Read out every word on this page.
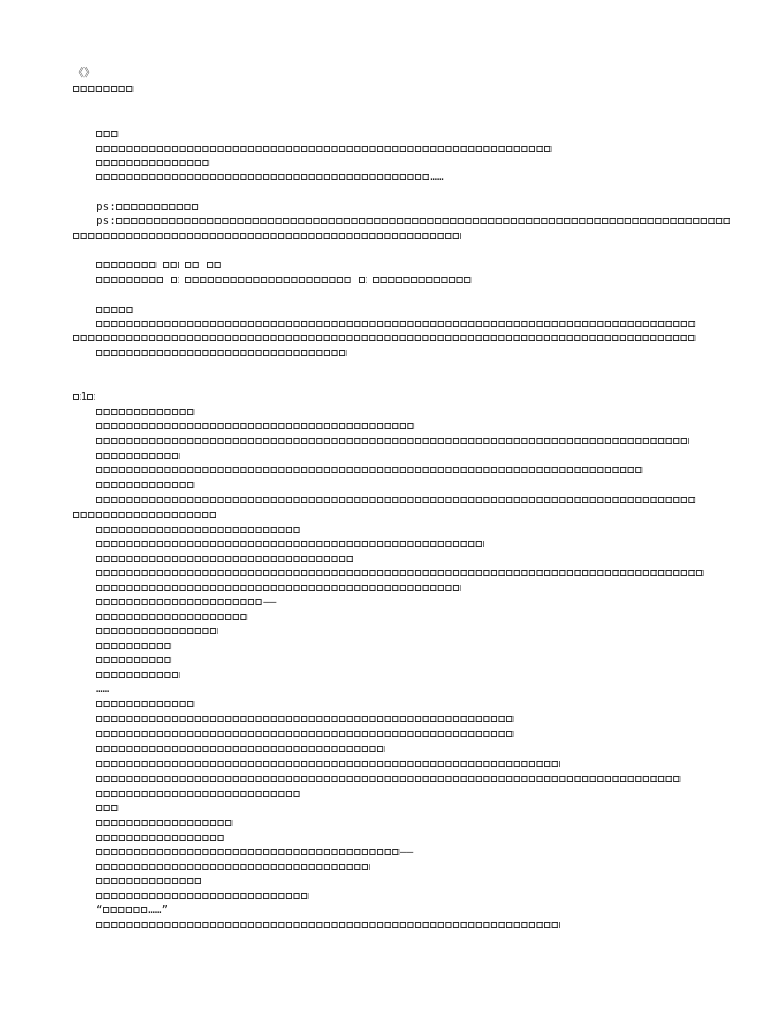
《》
……
ps:
ps:

1
——
……
——
“	……”
